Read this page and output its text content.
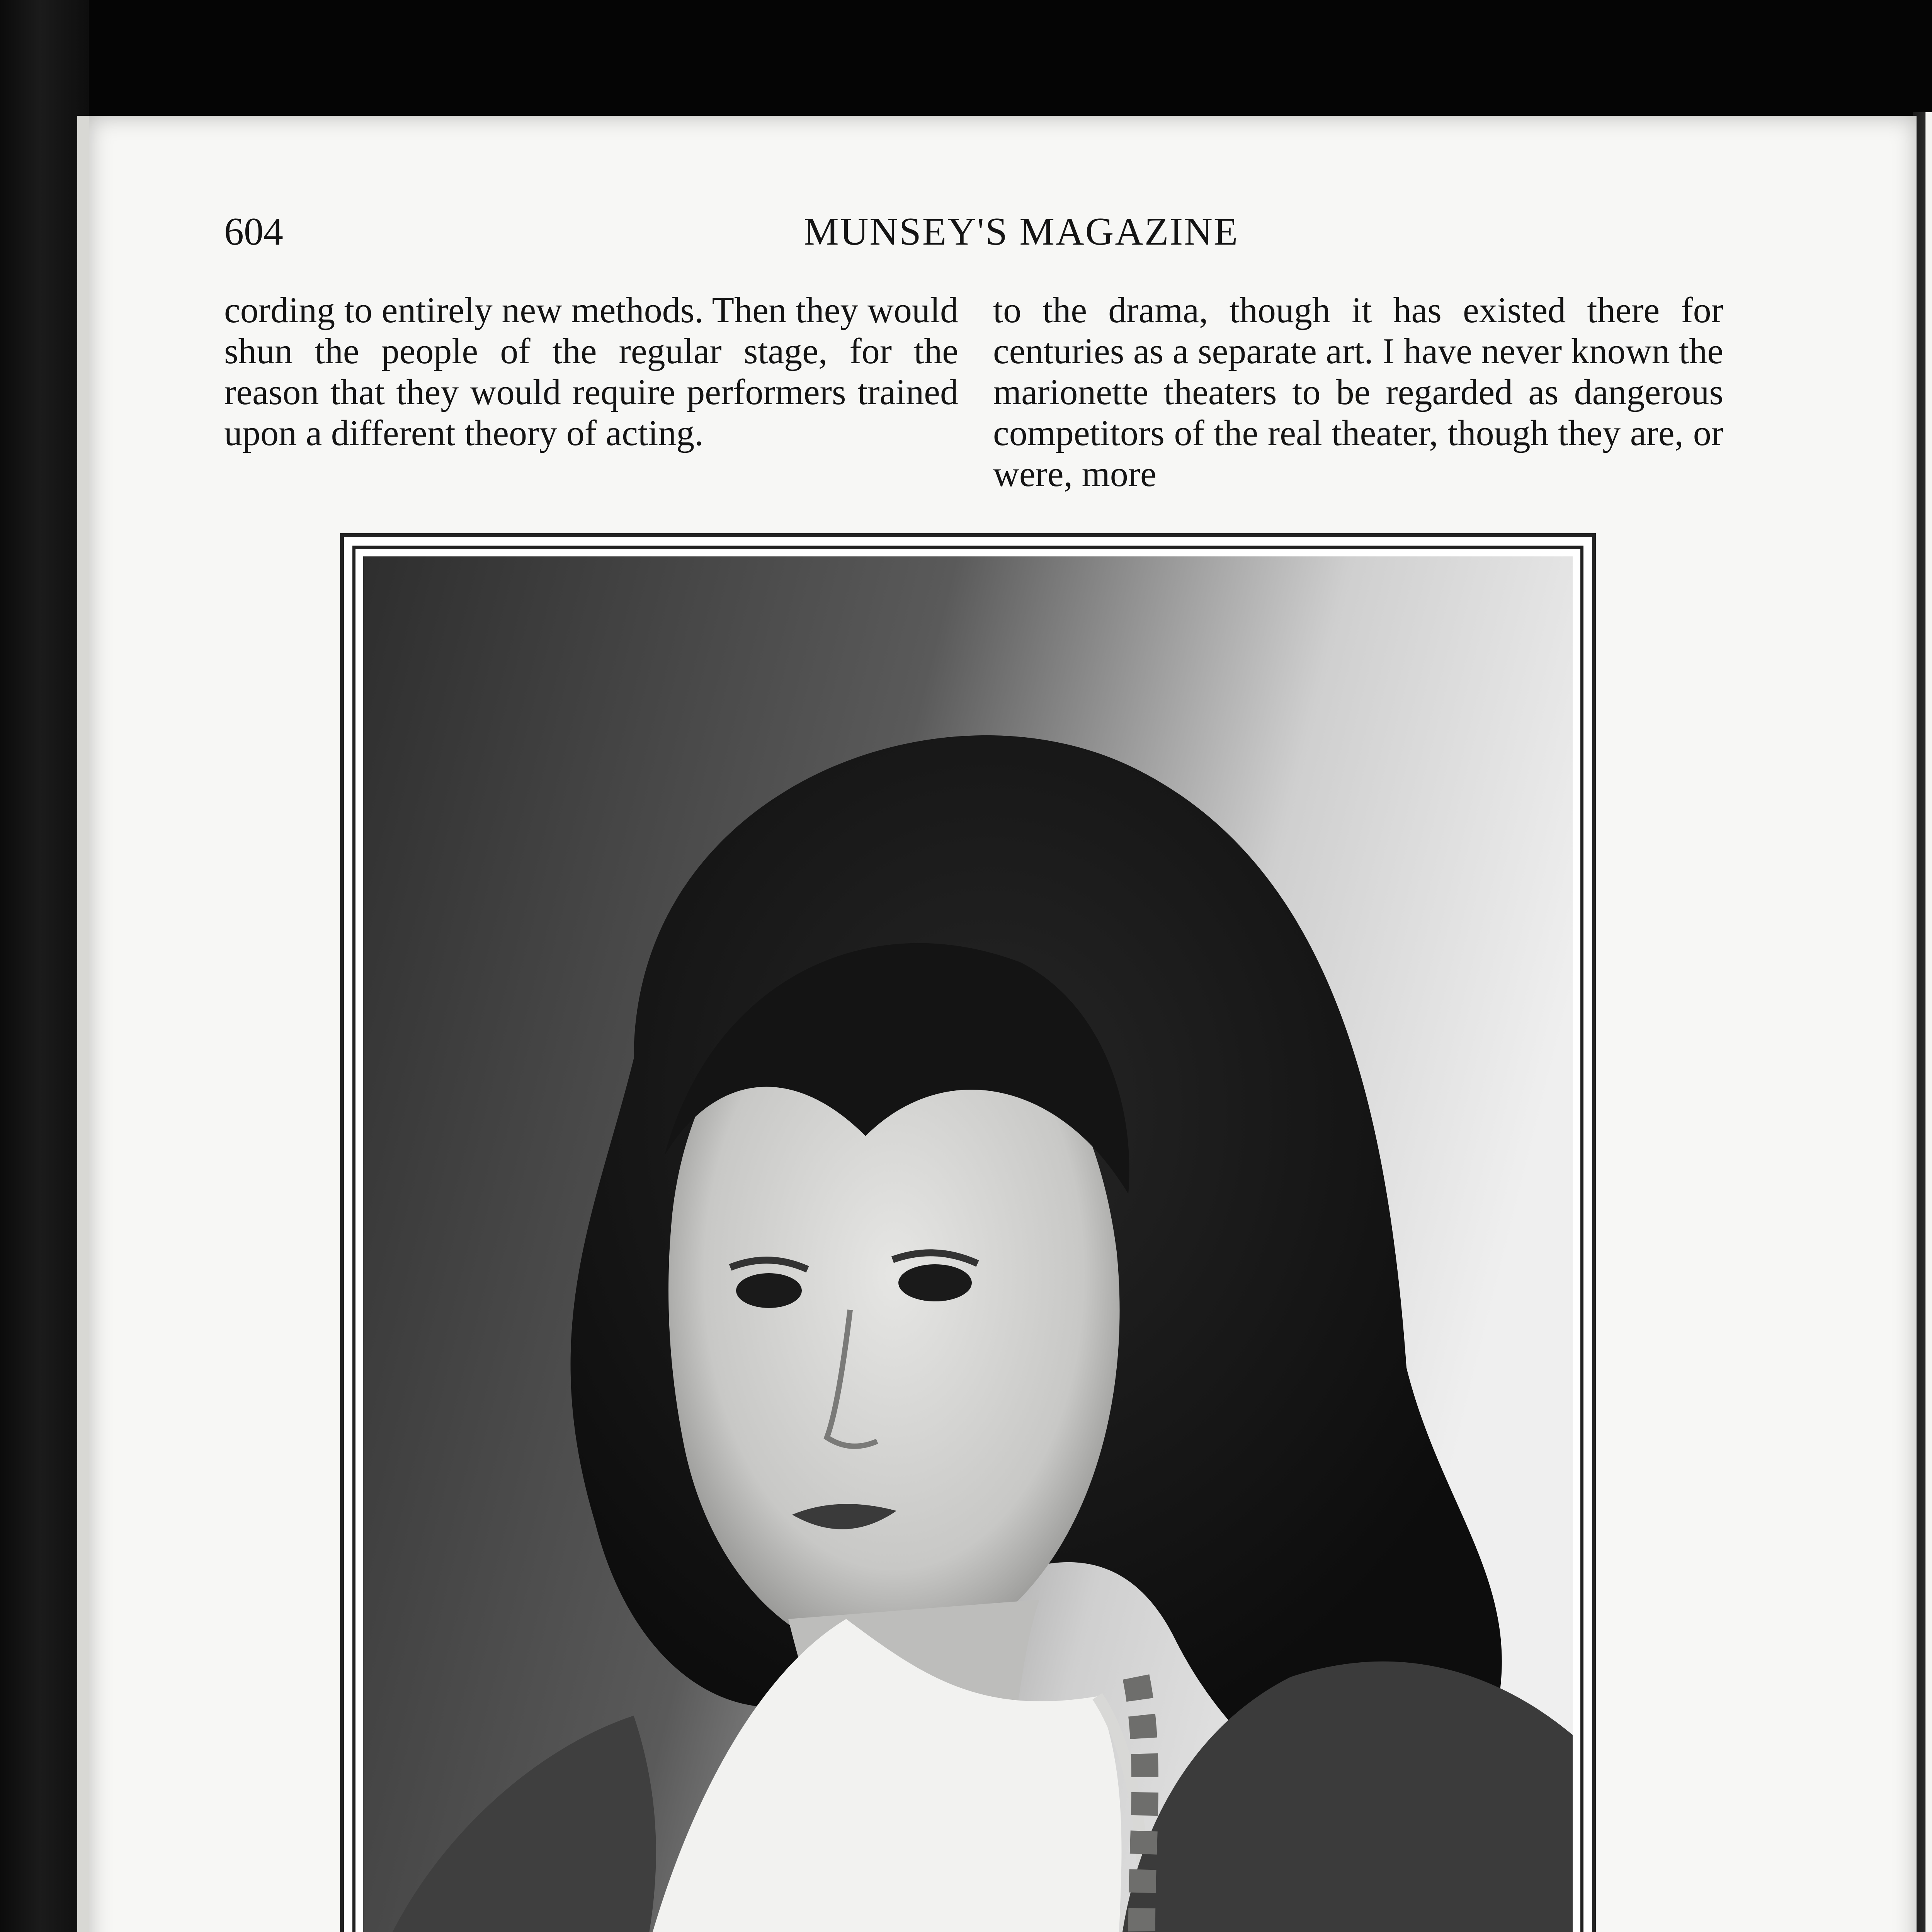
604	MUNSEY'S MAGAZINE

cording to entirely new methods. Then they would shun the people of the regular stage, for the reason that they would require performers trained upon a different theory of acting.

to the drama, though it has existed there for centuries as a separate art. I have never known the marionette theaters to be regarded as dangerous competitors of the real theater, though they are, or were, more
